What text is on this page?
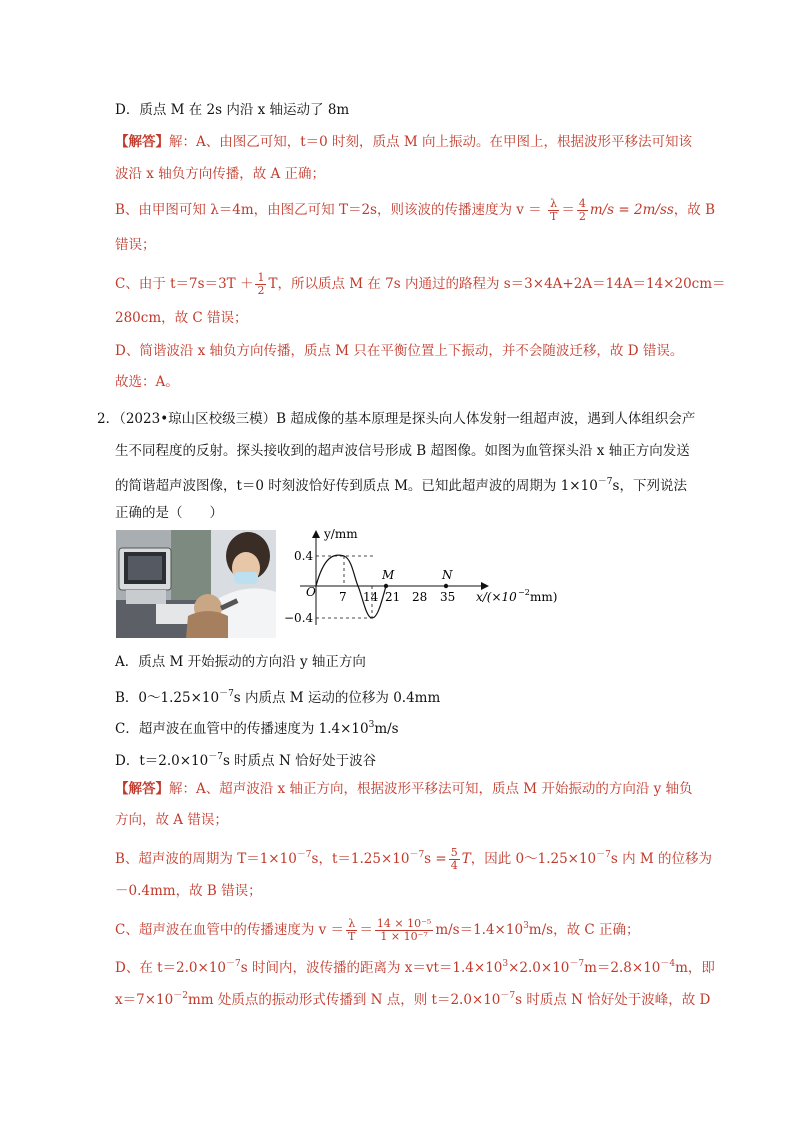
D．质点 M 在 2s 内沿 x 轴运动了 8m
【解答】解：A、由图乙可知，t＝0 时刻，质点 M 向上振动。在甲图上，根据波形平移法可知该
波沿 x 轴负方向传播，故 A 正确；
B、由甲图可知 λ＝4m，由图乙可知 T＝2s，则该波的传播速度为 $v = \frac{\lambda}{T} = \frac{4}{2} m/s = 2m/ss$，故 B
错误；
C、由于 $t=7s=3T + \frac{1}{2}$ T，所以质点 M 在 7s 内通过的路程为 s＝3×4A+2A＝14A＝14×20cm＝
280cm，故 C 错误；
D、简谐波沿 x 轴负方向传播，质点 M 只在平衡位置上下振动，并不会随波迁移，故 D 错误。
故选：A。
2．（2023•琼山区校级三模）B 超成像的基本原理是探头向人体发射一组超声波，遇到人体组织会产
生不同程度的反射。探头接收到的超声波信号形成 B 超图像。如图为血管探头沿 x 轴正方向发送
的简谐超声波图像，t＝0 时刻波恰好传到质点 M。已知此超声波的周期为 $1\times 10^{-7}s$，下列说法
正确的是（　　）
y/mm
0.4
−0.4
O 7 14 21 28 35
M	N
x/(×10 −2 mm)
A．质点 M 开始振动的方向沿 y 轴正方向
B．$0\sim 1.25\times 10^{-7}s$ 内质点 M 运动的位移为 0.4mm
C．超声波在血管中的传播速度为 $1.4\times 10^3m/s$
D．$t=2.0\times 10^{-7}s$ 时质点 N 恰好处于波谷
【解答】解：A、超声波沿 x 轴正方向，根据波形平移法可知，质点 M 开始振动的方向沿 y 轴负
方向，故 A 错误；
B、超声波的周期为 $T=1\times 10^{-7}s$，$t=1.25\times 10^{-7}s = \frac{5}{4}$ T，因此 $0\sim 1.25\times 10^{-7}s$ 内 M 的位移为
－0.4mm，故 B 错误；
C、超声波在血管中的传播速度为 $v = \frac{\lambda}{T} = \frac{\text{14 × 10⁻⁵}}{\text{1 × 10⁻⁷}} m/s=1.4\times 10^3m/s$，故 C 正确；
D、在 $t=2.0\times 10^{-7}s$ 时间内，波传播的距离为 $x=vt=1.4\times 10^3\times 2.0\times 10^{-7}m=2.8\times 10^{-4}m$，即
$x=7\times 10^{-2}mm$ 处质点的振动形式传播到 N 点，则 $t=2.0\times 10^{-7}s$ 时质点 N 恰好处于波峰，故 D
